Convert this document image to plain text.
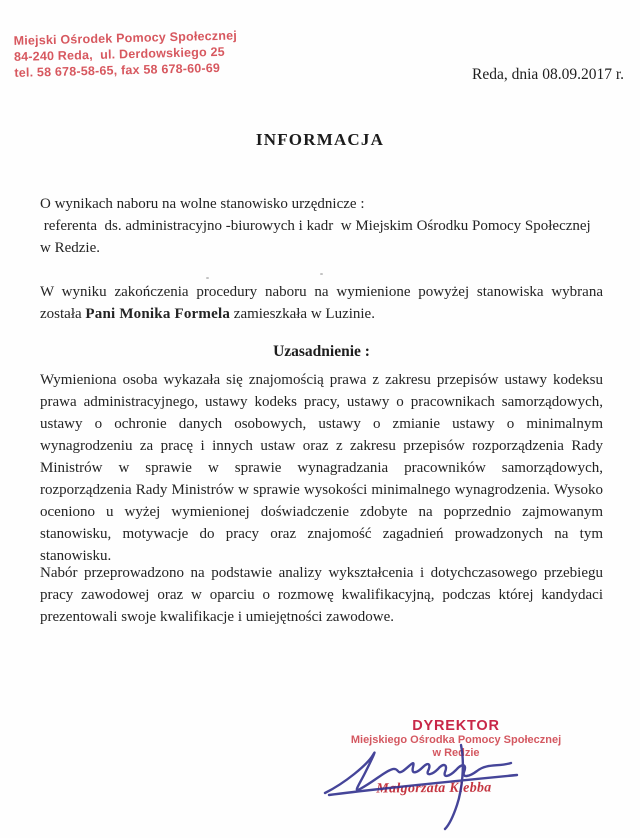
Miejski Ośrodek Pomocy Społecznej
84-240 Reda,  ul. Derdowskiego 25
tel. 58 678-58-65, fax 58 678-60-69	Reda, dnia 08.09.2017 r.
INFORMACJA
O wynikach naboru na wolne stanowisko urzędnicze :
referenta  ds. administracyjno -biurowych i kadr  w Miejskim Ośrodku Pomocy Społecznej
w Redzie.
W wyniku zakończenia procedury naboru na wymienione powyżej stanowiska wybrana została Pani Monika Formela zamieszkała w Luzinie.
Uzasadnienie :
Wymieniona osoba wykazała się znajomością prawa z zakresu przepisów ustawy kodeksu prawa administracyjnego, ustawy kodeks pracy, ustawy o pracownikach samorządowych, ustawy o ochronie danych osobowych, ustawy o zmianie ustawy o minimalnym wynagrodzeniu za pracę i innych ustaw oraz z zakresu przepisów rozporządzenia Rady Ministrów w sprawie w sprawie wynagradzania pracowników samorządowych, rozporządzenia Rady Ministrów w sprawie wysokości minimalnego wynagrodzenia. Wysoko oceniono u wyżej wymienionej doświadczenie zdobyte na poprzednio zajmowanym stanowisku, motywacje do pracy oraz znajomość zagadnień prowadzonych na tym stanowisku.
Nabór przeprowadzono na podstawie analizy wykształcenia i dotychczasowego przebiegu pracy zawodowej oraz w oparciu o rozmowę kwalifikacyjną, podczas której kandydaci prezentowali swoje kwalifikacje i umiejętności zawodowe.
DYREKTOR
Miejskiego Ośrodka Pomocy Społecznej
w Redzie
Małgorzata Klebba
